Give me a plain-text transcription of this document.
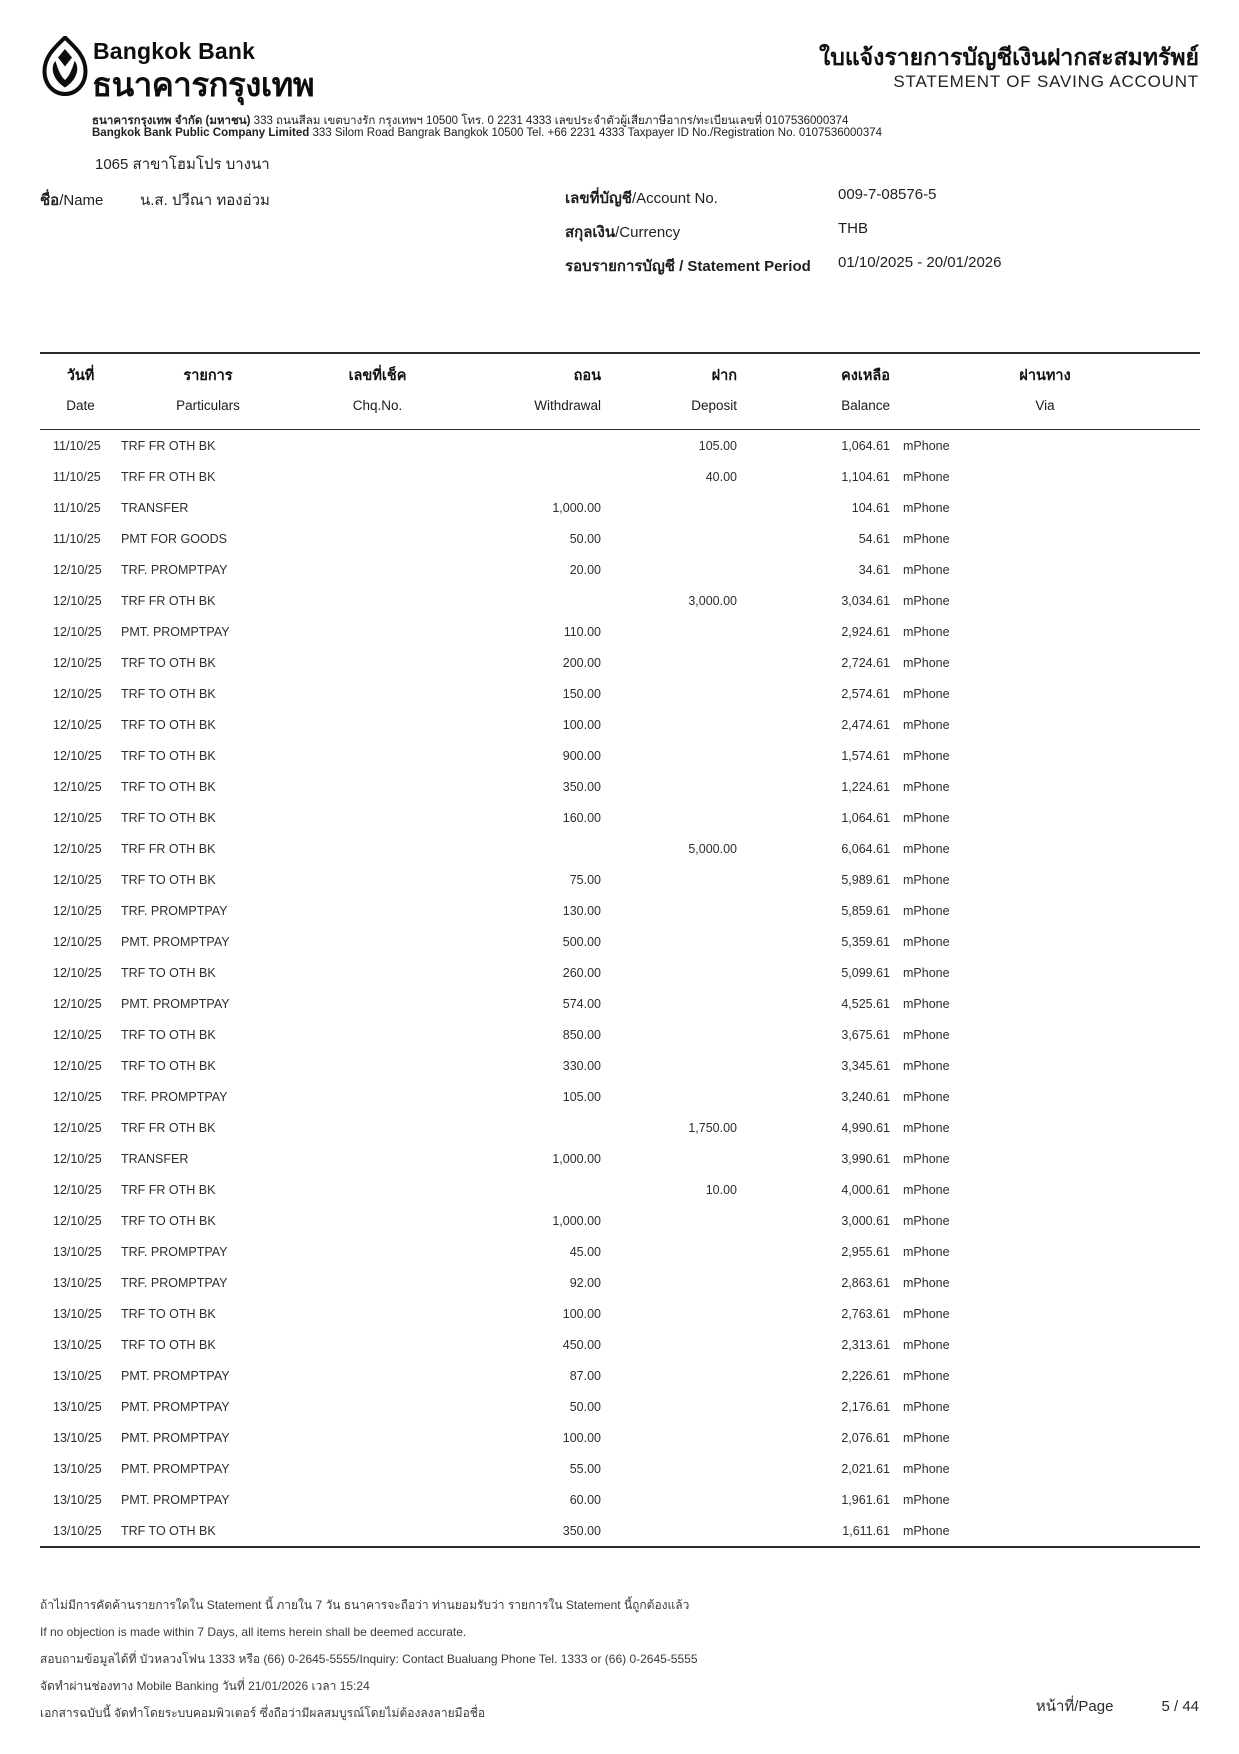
Bangkok Bank
ธนาคารกรุงเทพ
ใบแจ้งรายการบัญชีเงินฝากสะสมทรัพย์
STATEMENT OF SAVING ACCOUNT
ธนาคารกรุงเทพ จำกัด (มหาชน) 333 ถนนสีลม เขตบางรัก กรุงเทพฯ 10500 โทร. 0 2231 4333 เลขประจำตัวผู้เสียภาษีอากร/ทะเบียนเลขที่ 0107536000374
Bangkok Bank Public Company Limited 333 Silom Road Bangrak Bangkok 10500 Tel. +66 2231 4333 Taxpayer ID No./Registration No. 0107536000374
1065 สาขาโฮมโปร บางนา
ชื่อ/Name น.ส. ปวีณา ทองอ่วม	เลขที่บัญชี/Account No.	009-7-08576-5
สกุลเงิน/Currency	THB
รอบรายการบัญชี / Statement Period 01/10/2025 - 20/01/2026
วันที่	รายการ	เลขที่เช็ค	ถอน	ฝาก	คงเหลือ	ผ่านทาง
Date	Particulars	Chq.No.	Withdrawal	Deposit	Balance	Via
11/10/25	TRF FR OTH BK			105.00	1,064.61	mPhone
11/10/25	TRF FR OTH BK			40.00	1,104.61	mPhone
11/10/25	TRANSFER		1,000.00		104.61	mPhone
11/10/25	PMT FOR GOODS		50.00		54.61	mPhone
12/10/25	TRF. PROMPTPAY		20.00		34.61	mPhone
12/10/25	TRF FR OTH BK			3,000.00	3,034.61	mPhone
12/10/25	PMT. PROMPTPAY		110.00		2,924.61	mPhone
12/10/25	TRF TO OTH BK		200.00		2,724.61	mPhone
12/10/25	TRF TO OTH BK		150.00		2,574.61	mPhone
12/10/25	TRF TO OTH BK		100.00		2,474.61	mPhone
12/10/25	TRF TO OTH BK		900.00		1,574.61	mPhone
12/10/25	TRF TO OTH BK		350.00		1,224.61	mPhone
12/10/25	TRF TO OTH BK		160.00		1,064.61	mPhone
12/10/25	TRF FR OTH BK			5,000.00	6,064.61	mPhone
12/10/25	TRF TO OTH BK		75.00		5,989.61	mPhone
12/10/25	TRF. PROMPTPAY		130.00		5,859.61	mPhone
12/10/25	PMT. PROMPTPAY		500.00		5,359.61	mPhone
12/10/25	TRF TO OTH BK		260.00		5,099.61	mPhone
12/10/25	PMT. PROMPTPAY		574.00		4,525.61	mPhone
12/10/25	TRF TO OTH BK		850.00		3,675.61	mPhone
12/10/25	TRF TO OTH BK		330.00		3,345.61	mPhone
12/10/25	TRF. PROMPTPAY		105.00		3,240.61	mPhone
12/10/25	TRF FR OTH BK			1,750.00	4,990.61	mPhone
12/10/25	TRANSFER		1,000.00		3,990.61	mPhone
12/10/25	TRF FR OTH BK			10.00	4,000.61	mPhone
12/10/25	TRF TO OTH BK		1,000.00		3,000.61	mPhone
13/10/25	TRF. PROMPTPAY		45.00		2,955.61	mPhone
13/10/25	TRF. PROMPTPAY		92.00		2,863.61	mPhone
13/10/25	TRF TO OTH BK		100.00		2,763.61	mPhone
13/10/25	TRF TO OTH BK		450.00		2,313.61	mPhone
13/10/25	PMT. PROMPTPAY		87.00		2,226.61	mPhone
13/10/25	PMT. PROMPTPAY		50.00		2,176.61	mPhone
13/10/25	PMT. PROMPTPAY		100.00		2,076.61	mPhone
13/10/25	PMT. PROMPTPAY		55.00		2,021.61	mPhone
13/10/25	PMT. PROMPTPAY		60.00		1,961.61	mPhone
13/10/25	TRF TO OTH BK		350.00		1,611.61	mPhone
ถ้าไม่มีการคัดค้านรายการใดใน Statement นี้ ภายใน 7 วัน ธนาคารจะถือว่า ท่านยอมรับว่า รายการใน Statement นี้ถูกต้องแล้ว
If no objection is made within 7 Days, all items herein shall be deemed accurate.
สอบถามข้อมูลได้ที่ บัวหลวงโฟน 1333 หรือ (66) 0-2645-5555/Inquiry: Contact Bualuang Phone Tel. 1333 or (66) 0-2645-5555
จัดทำผ่านช่องทาง Mobile Banking วันที่ 21/01/2026 เวลา 15:24
เอกสารฉบับนี้ จัดทำโดยระบบคอมพิวเตอร์ ซึ่งถือว่ามีผลสมบูรณ์โดยไม่ต้องลงลายมือชื่อ	หน้าที่/Page	5 / 44
